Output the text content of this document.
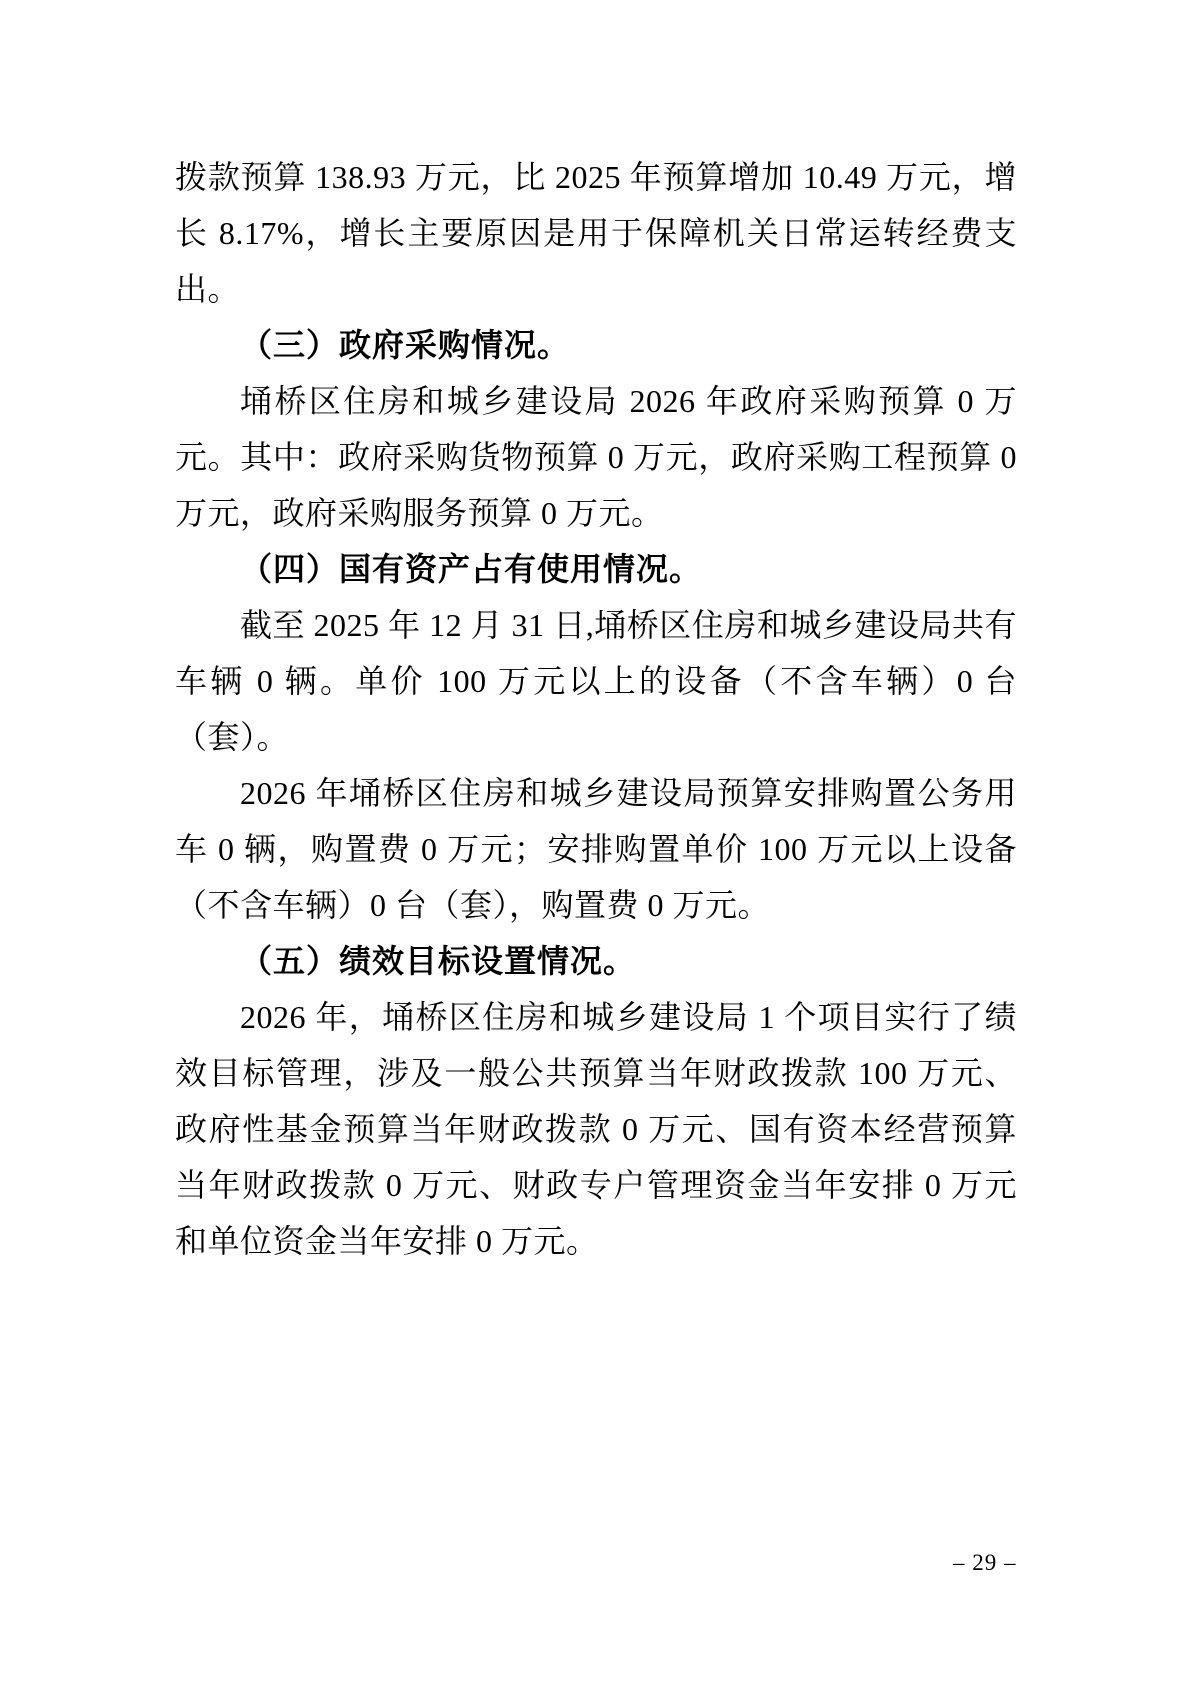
拨款预算 138.93 万元，比 2025 年预算增加 10.49 万元，增长 8.17%，增长主要原因是用于保障机关日常运转经费支出。

（三）政府采购情况。

埇桥区住房和城乡建设局 2026 年政府采购预算 0 万元。其中：政府采购货物预算 0 万元，政府采购工程预算 0 万元，政府采购服务预算 0 万元。

（四）国有资产占有使用情况。

截至 2025 年 12 月 31 日,埇桥区住房和城乡建设局共有车辆 0 辆。单价 100 万元以上的设备（不含车辆）0 台（套）。

2026 年埇桥区住房和城乡建设局预算安排购置公务用车 0 辆，购置费 0 万元；安排购置单价 100 万元以上设备（不含车辆）0 台（套），购置费 0 万元。

（五）绩效目标设置情况。

2026 年，埇桥区住房和城乡建设局 1 个项目实行了绩效目标管理，涉及一般公共预算当年财政拨款 100 万元、政府性基金预算当年财政拨款 0 万元、国有资本经营预算当年财政拨款 0 万元、财政专户管理资金当年安排 0 万元和单位资金当年安排 0 万元。

– 29 –
